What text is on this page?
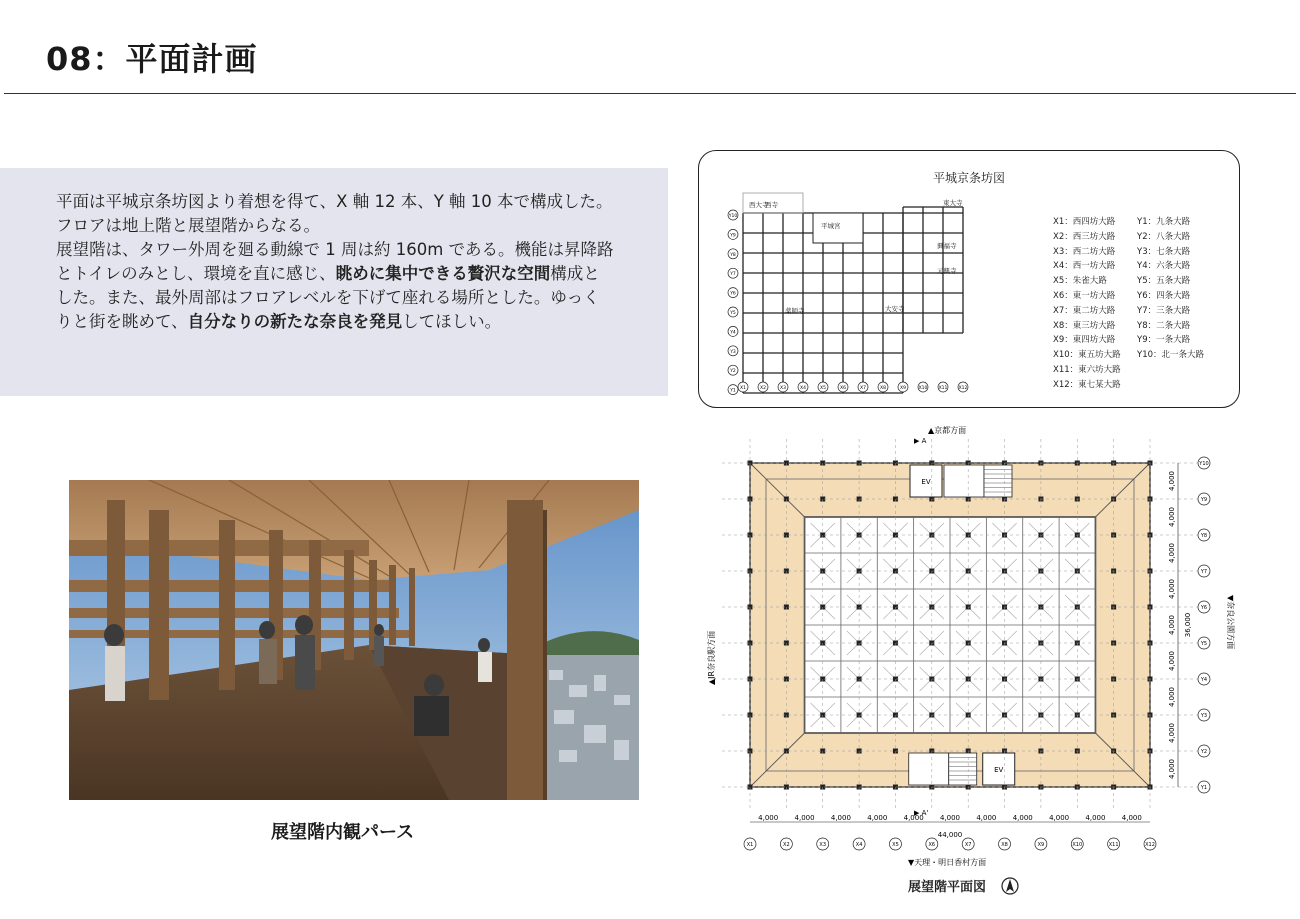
08：平面計画

平面は平城京条坊図より着想を得て、X 軸 12 本、Y 軸 10 本で構成した。フロアは地上階と展望階からなる。

展望階は、タワー外周を廻る動線で 1 周は約 160m である。機能は昇降路とトイレのみとし、環境を直に感じ、眺めに集中できる贅沢な空間構成とした。また、最外周部はフロアレベルを下げて座れる場所とした。ゆっくりと街を眺めて、自分なりの新たな奈良を発見してほしい。

展望階内観パース
平城京条坊図
西大寺
平城宮
東大寺
興福寺
元興寺
大安寺
薬師寺
西寺
Y10
Y9
Y8
Y7
Y6
Y5
Y4
Y3
Y2
Y1
X1	X2	X3	X4	X5	X6	X7	X8	X9	X10 X11 X12
X1：西四坊大路
X2：西三坊大路
X3：西二坊大路
X4：西一坊大路
X5：朱雀大路
X6：東一坊大路
X7：東二坊大路
X8：東三坊大路
X9：東四坊大路
X10：東五坊大路
X11：東六坊大路
X12：東七某大路
Y1：九条大路
Y2：八条大路
Y3：七条大路
Y4：六条大路
Y5：五条大路
Y6：四条大路
Y7：三条大路
Y8：二条大路
Y9：一条大路
Y10：北一条大路
EV
EV
X1	X2	X3	X4	X5	X6	X7	X8	X9	X10	X11	X12
Y10
Y9
Y8
Y7
Y6
Y5
Y4
Y3
Y2
Y1
4,000 4,000 4,000 4,000 4,000 4,000 4,000 4,000 4,000 4,000 4,000
44,000
4,000
4,000
4,000
4,000
4,000
4,000
4,000
4,000
4,000
36,000
▲京都方面
▼天理・明日香村方面
▲JR奈良駅方面
▼奈良公園方面
▶ A
▶ A'
展望階平面図
